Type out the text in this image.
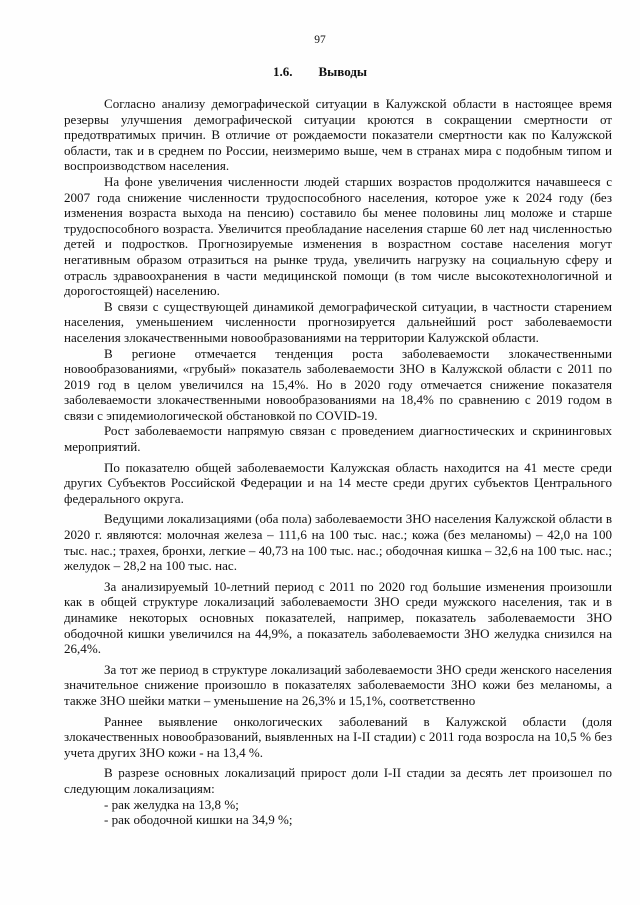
97
1.6. Выводы

Согласно анализу демографической ситуации в Калужской области в настоящее время резервы улучшения демографической ситуации кроются в сокращении смертности от предотвратимых причин. В отличие от рождаемости показатели смертности как по Калужской области, так и в среднем по России, неизмеримо выше, чем в странах мира с подобным типом и воспроизводством населения.

На фоне увеличения численности людей старших возрастов продолжится начавшееся с 2007 года снижение численности трудоспособного населения, которое уже к 2024 году (без изменения возраста выхода на пенсию) составило бы менее половины лиц моложе и старше трудоспособного возраста. Увеличится преобладание населения старше 60 лет над численностью детей и подростков. Прогнозируемые изменения в возрастном составе населения могут негативным образом отразиться на рынке труда, увеличить нагрузку на социальную сферу и отрасль здравоохранения в части медицинской помощи (в том числе высокотехнологичной и дорогостоящей) населению.

В связи с существующей динамикой демографической ситуации, в частности старением населения, уменьшением численности прогнозируется дальнейший рост заболеваемости населения злокачественными новообразованиями на территории Калужской области.

В регионе отмечается тенденция роста заболеваемости злокачественными новообразованиями, «грубый» показатель заболеваемости ЗНО в Калужской области с 2011 по 2019 год в целом увеличился на 15,4%. Но в 2020 году отмечается снижение показателя заболеваемости злокачественными новообразованиями на 18,4% по сравнению с 2019 годом в связи с эпидемиологической обстановкой по COVID-19.

Рост заболеваемости напрямую связан с проведением диагностических и скрининговых мероприятий.

По показателю общей заболеваемости Калужская область находится на 41 месте среди других Субъектов Российской Федерации и на 14 месте среди других субъектов Центрального федерального округа.

Ведущими локализациями (оба пола) заболеваемости ЗНО населения Калужской области в 2020 г. являются: молочная железа – 111,6 на 100 тыс. нас.; кожа (без меланомы) – 42,0 на 100 тыс. нас.; трахея, бронхи, легкие – 40,73 на 100 тыс. нас.; ободочная кишка – 32,6 на 100 тыс. нас.; желудок – 28,2 на 100 тыс. нас.

За анализируемый 10-летний период с 2011 по 2020 год большие изменения произошли как в общей структуре локализаций заболеваемости ЗНО среди мужского населения, так и в динамике некоторых основных показателей, например, показатель заболеваемости ЗНО ободочной кишки увеличился на 44,9%, а показатель заболеваемости ЗНО желудка снизился на 26,4%.

За тот же период в структуре локализаций заболеваемости ЗНО среди женского населения значительное снижение произошло в показателях заболеваемости ЗНО кожи без меланомы, а также ЗНО шейки матки – уменьшение на 26,3% и 15,1%, соответственно

Раннее выявление онкологических заболеваний в Калужской области (доля злокачественных новообразований, выявленных на I-II стадии) с 2011 года возросла на 10,5 % без учета других ЗНО кожи - на 13,4 %.

В разрезе основных локализаций прирост доли I-II стадии за десять лет произошел по следующим локализациям:

- рак желудка на 13,8 %;

- рак ободочной кишки на 34,9 %;
